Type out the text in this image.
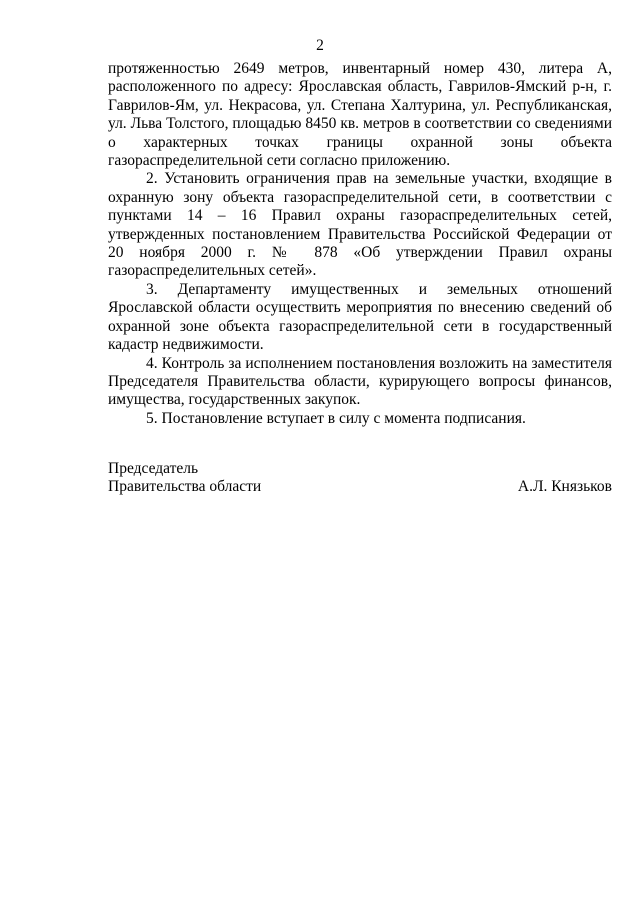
2

протяженностью 2649 метров, инвентарный номер 430, литера А, расположенного по адресу: Ярославская область, Гаврилов-Ямский р-н, г. Гаврилов-Ям, ул. Некрасова, ул. Степана Халтурина, ул. Республиканская, ул. Льва Толстого, площадью 8450 кв. метров в соответствии со сведениями о характерных точках границы охранной зоны объекта газораспределительной сети согласно приложению.

2. Установить ограничения прав на земельные участки, входящие в охранную зону объекта газораспределительной сети, в соответствии с пунктами 14 – 16 Правил охраны газораспределительных сетей, утвержденных постановлением Правительства Российской Федерации от 20 ноября 2000 г. № 878 «Об утверждении Правил охраны газораспределительных сетей».

3. Департаменту имущественных и земельных отношений Ярославской области осуществить мероприятия по внесению сведений об охранной зоне объекта газораспределительной сети в государственный кадастр недвижимости.

4. Контроль за исполнением постановления возложить на заместителя Председателя Правительства области, курирующего вопросы финансов, имущества, государственных закупок.

5. Постановление вступает в силу с момента подписания.

Председатель
Правительства области	А.Л. Князьков
